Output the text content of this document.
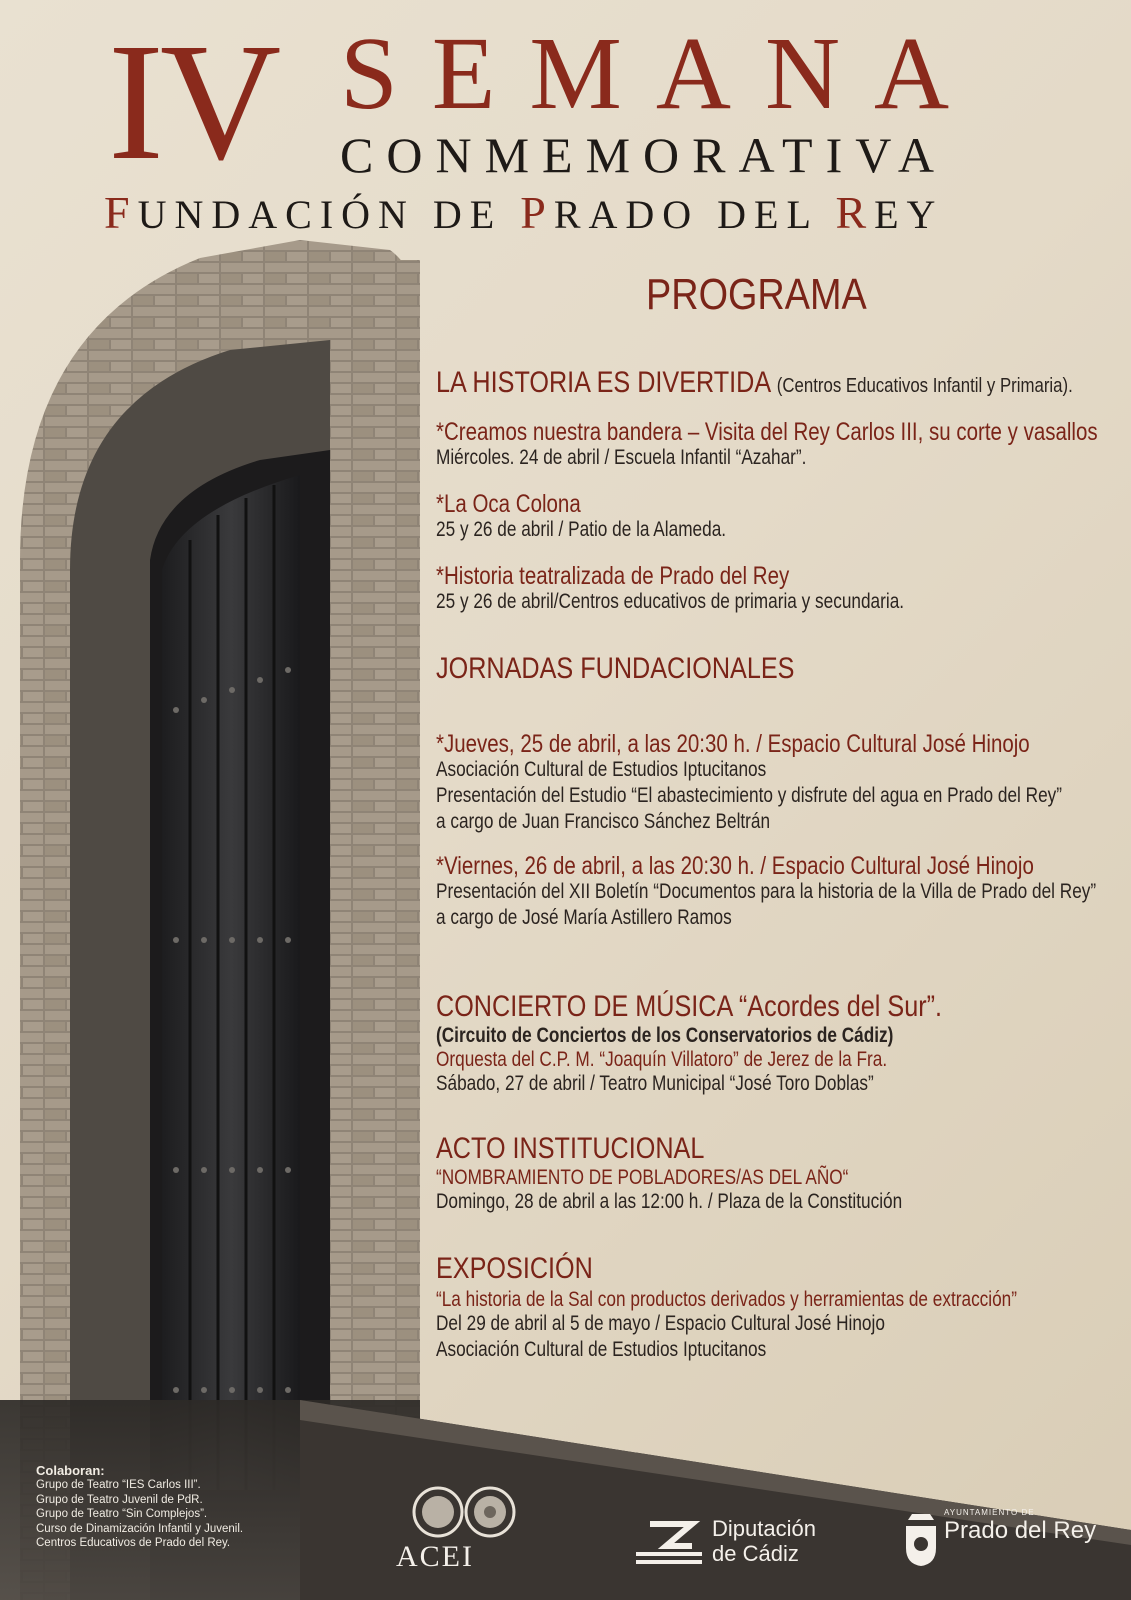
IV SEMANA
CONMEMORATIVA
FUNDACIÓN DE PRADO DEL REY
PROGRAMA
LA HISTORIA ES DIVERTIDA (Centros Educativos Infantil y Primaria).
*Creamos nuestra bandera – Visita del Rey Carlos III, su corte y vasallos
Miércoles. 24 de abril / Escuela Infantil “Azahar”.
*La Oca Colona
25 y 26 de abril / Patio de la Alameda.
*Historia teatralizada de Prado del Rey
25 y 26 de abril/Centros educativos de primaria y secundaria.
JORNADAS FUNDACIONALES
*Jueves, 25 de abril, a las 20:30 h. / Espacio Cultural José Hinojo
Asociación Cultural de Estudios Iptucitanos
Presentación del Estudio “El abastecimiento y disfrute del agua en Prado del Rey”
a cargo de Juan Francisco Sánchez Beltrán
*Viernes, 26 de abril, a las 20:30 h. / Espacio Cultural José Hinojo
Presentación del XII Boletín “Documentos para la historia de la Villa de Prado del Rey”
a cargo de José María Astillero Ramos
CONCIERTO DE MÚSICA “Acordes del Sur”.
(Circuito de Conciertos de los Conservatorios de Cádiz)
Orquesta del C.P. M. “Joaquín Villatoro” de Jerez de la Fra.
Sábado, 27 de abril / Teatro Municipal “José Toro Doblas”
ACTO INSTITUCIONAL
“NOMBRAMIENTO DE POBLADORES/AS DEL AÑO“
Domingo, 28 de abril a las 12:00 h. / Plaza de la Constitución
EXPOSICIÓN
“La historia de la Sal con productos derivados y herramientas de extracción”
Del 29 de abril al 5 de mayo / Espacio Cultural José Hinojo
Asociación Cultural de Estudios Iptucitanos
Colaboran:
Grupo de Teatro “IES Carlos III”.
Grupo de Teatro Juvenil de PdR.
Grupo de Teatro “Sin Complejos”.
Curso de Dinamización Infantil y Juvenil.
Centros Educativos de Prado del Rey.	ACEI
Diputación
de Cádiz
AYUNTAMIENTO DE
Prado del Rey
